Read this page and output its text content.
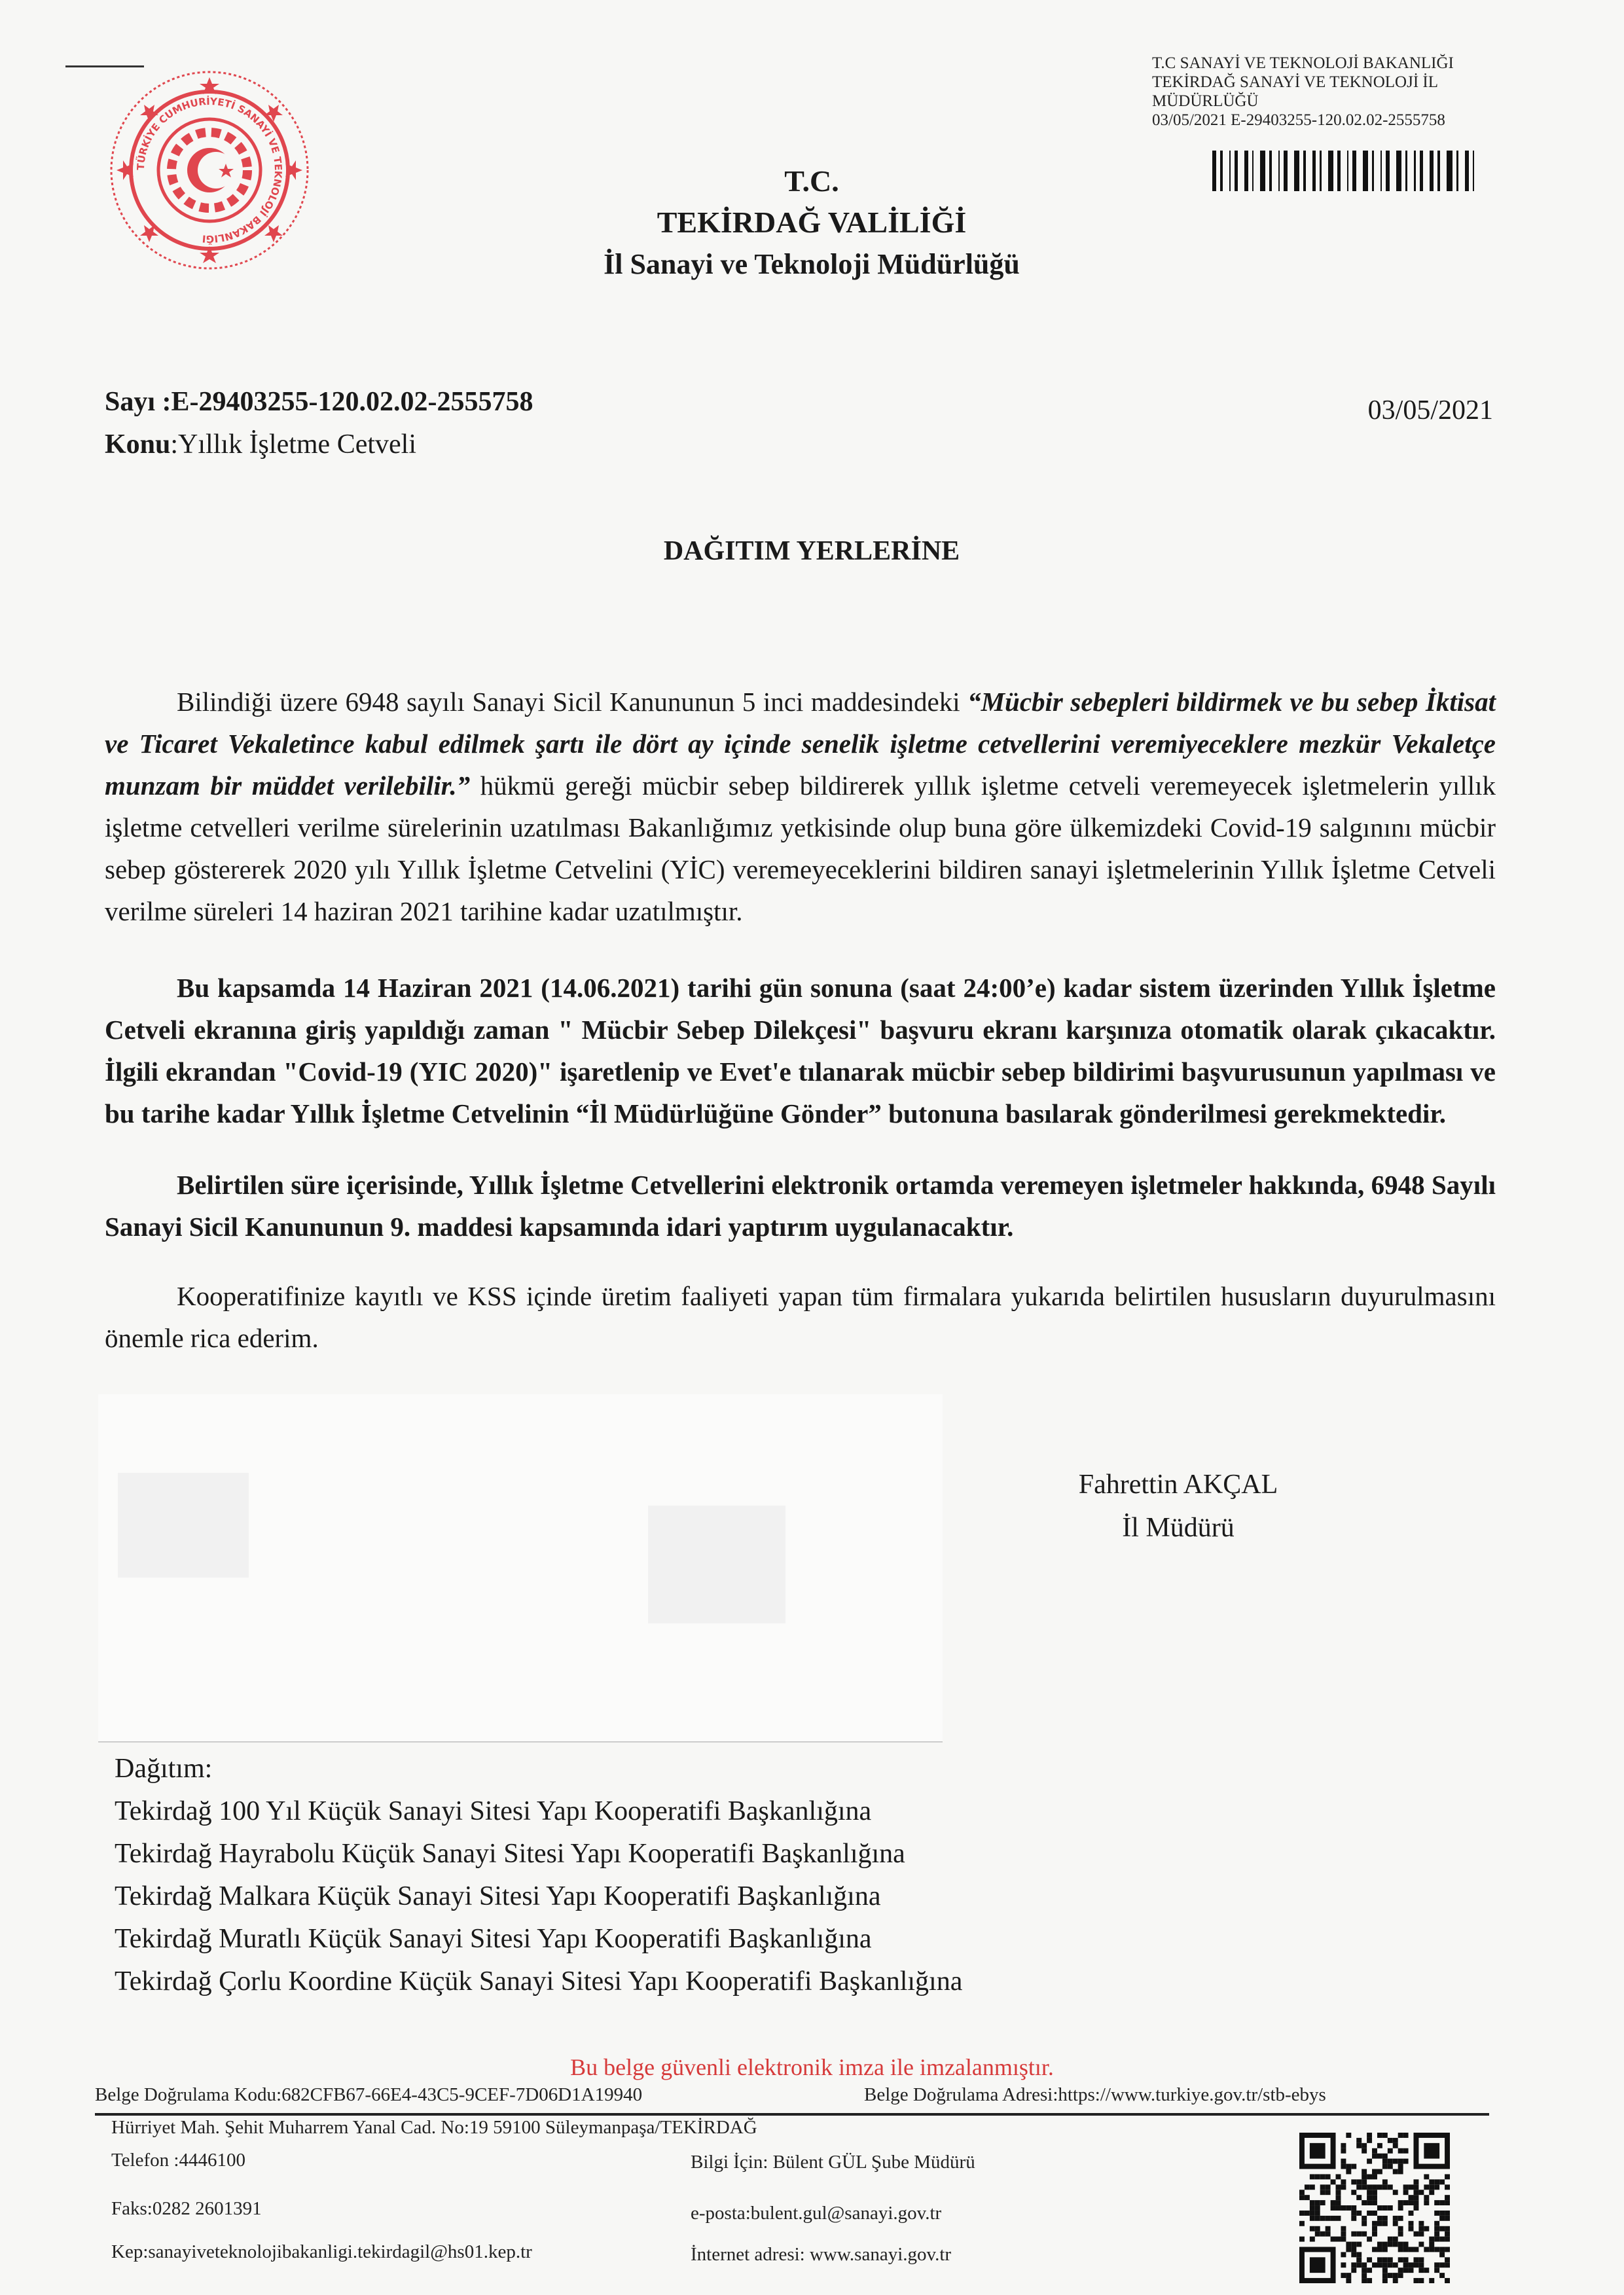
TÜRKİYE CUMHURİYETİ SANAYİ VE TEKNOLOJİ BAKANLIĞI
T.C SANAYİ VE TEKNOLOJİ BAKANLIĞI
TEKİRDAĞ SANAYİ VE TEKNOLOJİ İL
MÜDÜRLÜĞÜ
03/05/2021 E-29403255-120.02.02-2555758
T.C.
TEKİRDAĞ VALİLİĞİ
İl Sanayi ve Teknoloji Müdürlüğü
Sayı :E-29403255-120.02.02-2555758
Konu:Yıllık İşletme Cetveli
03/05/2021
DAĞITIM YERLERİNE

Bilindiği üzere 6948 sayılı Sanayi Sicil Kanununun 5 inci maddesindeki “Mücbir sebepleri bildirmek ve bu sebep İktisat ve Ticaret Vekaletince kabul edilmek şartı ile dört ay içinde senelik işletme cetvellerini veremiyeceklere mezkür Vekaletçe munzam bir müddet verilebilir.” hükmü gereği mücbir sebep bildirerek yıllık işletme cetveli veremeyecek işletmelerin yıllık işletme cetvelleri verilme sürelerinin uzatılması Bakanlığımız yetkisinde olup buna göre ülkemizdeki Covid-19 salgınını mücbir sebep göstererek 2020 yılı Yıllık İşletme Cetvelini (YİC) veremeyeceklerini bildiren sanayi işletmelerinin Yıllık İşletme Cetveli verilme süreleri 14 haziran 2021 tarihine kadar uzatılmıştır.

Bu kapsamda 14 Haziran 2021 (14.06.2021) tarihi gün sonuna (saat 24:00’e) kadar sistem üzerinden Yıllık İşletme Cetveli ekranına giriş yapıldığı zaman " Mücbir Sebep Dilekçesi" başvuru ekranı karşınıza otomatik olarak çıkacaktır. İlgili ekrandan "Covid-19 (YIC 2020)" işaretlenip ve Evet'e tılanarak mücbir sebep bildirimi başvurusunun yapılması ve bu tarihe kadar Yıllık İşletme Cetvelinin “İl Müdürlüğüne Gönder” butonuna basılarak gönderilmesi gerekmektedir.

Belirtilen süre içerisinde, Yıllık İşletme Cetvellerini elektronik ortamda veremeyen işletmeler hakkında, 6948 Sayılı Sanayi Sicil Kanununun 9. maddesi kapsamında idari yaptırım uygulanacaktır.

Kooperatifinize kayıtlı ve KSS içinde üretim faaliyeti yapan tüm firmalara yukarıda belirtilen hususların duyurulmasını önemle rica ederim.

Fahrettin AKÇAL
İl Müdürü
Dağıtım:
Tekirdağ 100 Yıl Küçük Sanayi Sitesi Yapı Kooperatifi Başkanlığına
Tekirdağ Hayrabolu Küçük Sanayi Sitesi Yapı Kooperatifi Başkanlığına
Tekirdağ Malkara Küçük Sanayi Sitesi Yapı Kooperatifi Başkanlığına
Tekirdağ Muratlı Küçük Sanayi Sitesi Yapı Kooperatifi Başkanlığına
Tekirdağ Çorlu Koordine Küçük Sanayi Sitesi Yapı Kooperatifi Başkanlığına
Bu belge güvenli elektronik imza ile imzalanmıştır.
Belge Doğrulama Kodu:682CFB67-66E4-43C5-9CEF-7D06D1A19940	Belge Doğrulama Adresi:https://www.turkiye.gov.tr/stb-ebys
Hürriyet Mah. Şehit Muharrem Yanal Cad. No:19 59100 Süleymanpaşa/TEKİRDAĞ
Telefon :4446100	Bilgi İçin: Bülent GÜL Şube Müdürü
Faks:0282 2601391	e-posta:bulent.gul@sanayi.gov.tr
Kep:sanayiveteknolojibakanligi.tekirdagil@hs01.kep.tr	İnternet adresi: www.sanayi.gov.tr
